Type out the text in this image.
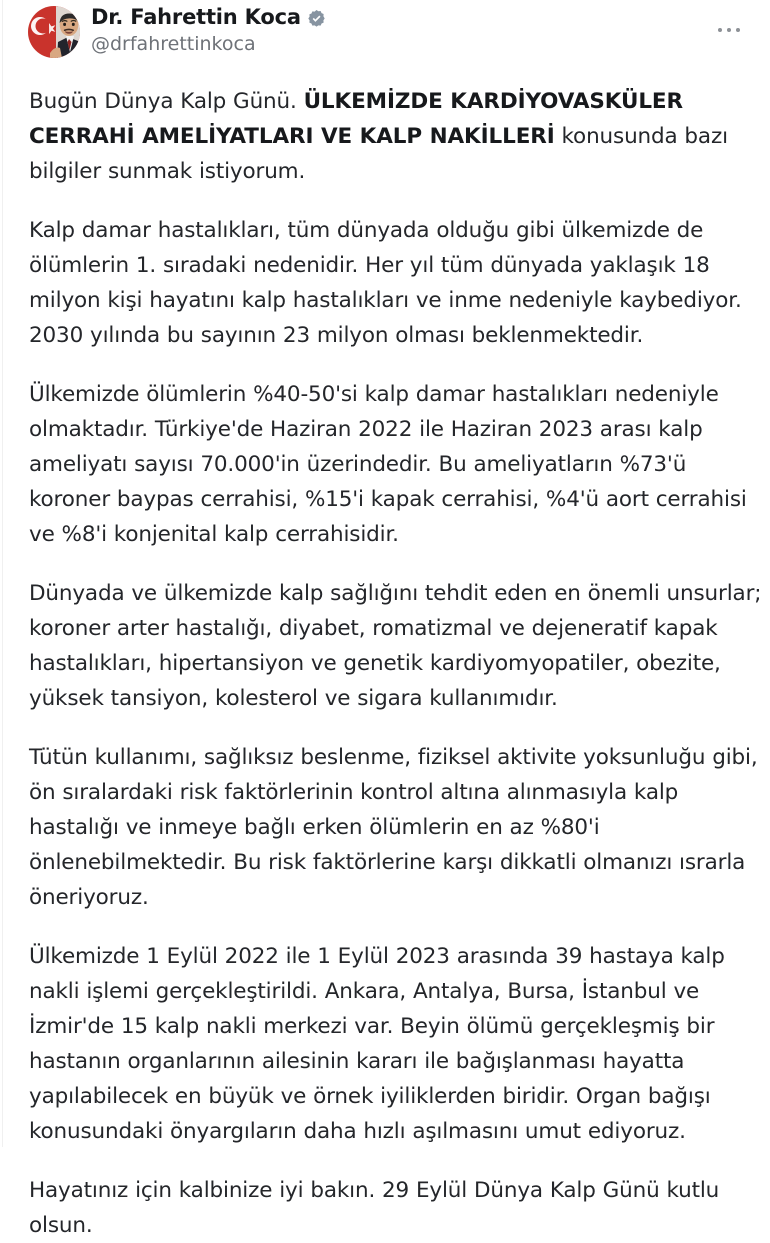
Dr. Fahrettin Koca
@drfahrettinkoca

Bugün Dünya Kalp Günü. ÜLKEMİZDE KARDİYOVASKÜLER CERRAHİ AMELİYATLARI VE KALP NAKİLLERİ konusunda bazı bilgiler sunmak istiyorum.

Kalp damar hastalıkları, tüm dünyada olduğu gibi ülkemizde de ölümlerin 1. sıradaki nedenidir. Her yıl tüm dünyada yaklaşık 18 milyon kişi hayatını kalp hastalıkları ve inme nedeniyle kaybediyor. 2030 yılında bu sayının 23 milyon olması beklenmektedir.

Ülkemizde ölümlerin %40-50'si kalp damar hastalıkları nedeniyle olmaktadır. Türkiye'de Haziran 2022 ile Haziran 2023 arası kalp ameliyatı sayısı 70.000'in üzerindedir. Bu ameliyatların %73'ü koroner baypas cerrahisi, %15'i kapak cerrahisi, %4'ü aort cerrahisi ve %8'i konjenital kalp cerrahisidir.

Dünyada ve ülkemizde kalp sağlığını tehdit eden en önemli unsurlar; koroner arter hastalığı, diyabet, romatizmal ve dejeneratif kapak hastalıkları, hipertansiyon ve genetik kardiyomyopatiler, obezite, yüksek tansiyon, kolesterol ve sigara kullanımıdır.

Tütün kullanımı, sağlıksız beslenme, fiziksel aktivite yoksunluğu gibi, ön sıralardaki risk faktörlerinin kontrol altına alınmasıyla kalp hastalığı ve inmeye bağlı erken ölümlerin en az %80'i önlenebilmektedir. Bu risk faktörlerine karşı dikkatli olmanızı ısrarla öneriyoruz.

Ülkemizde 1 Eylül 2022 ile 1 Eylül 2023 arasında 39 hastaya kalp nakli işlemi gerçekleştirildi. Ankara, Antalya, Bursa, İstanbul ve İzmir'de 15 kalp nakli merkezi var. Beyin ölümü gerçekleşmiş bir hastanın organlarının ailesinin kararı ile bağışlanması hayatta yapılabilecek en büyük ve örnek iyiliklerden biridir. Organ bağışı konusundaki önyargıların daha hızlı aşılmasını umut ediyoruz.

Hayatınız için kalbinize iyi bakın. 29 Eylül Dünya Kalp Günü kutlu olsun.
